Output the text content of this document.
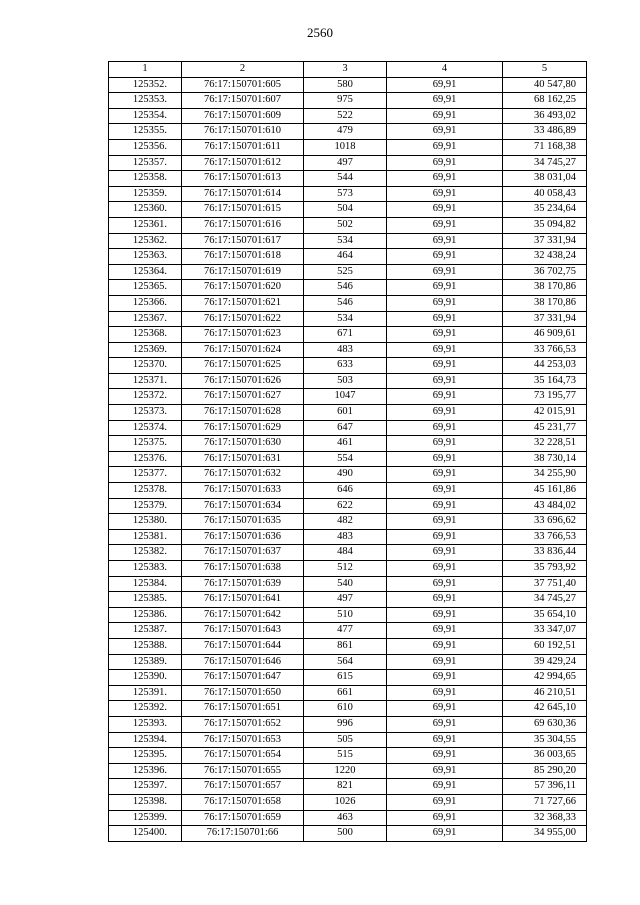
2560
1	2	3	4	5
125352.	76:17:150701:605	580	69,91	40 547,80
125353.	76:17:150701:607	975	69,91	68 162,25
125354.	76:17:150701:609	522	69,91	36 493,02
125355.	76:17:150701:610	479	69,91	33 486,89
125356.	76:17:150701:611	1018	69,91	71 168,38
125357.	76:17:150701:612	497	69,91	34 745,27
125358.	76:17:150701:613	544	69,91	38 031,04
125359.	76:17:150701:614	573	69,91	40 058,43
125360.	76:17:150701:615	504	69,91	35 234,64
125361.	76:17:150701:616	502	69,91	35 094,82
125362.	76:17:150701:617	534	69,91	37 331,94
125363.	76:17:150701:618	464	69,91	32 438,24
125364.	76:17:150701:619	525	69,91	36 702,75
125365.	76:17:150701:620	546	69,91	38 170,86
125366.	76:17:150701:621	546	69,91	38 170,86
125367.	76:17:150701:622	534	69,91	37 331,94
125368.	76:17:150701:623	671	69,91	46 909,61
125369.	76:17:150701:624	483	69,91	33 766,53
125370.	76:17:150701:625	633	69,91	44 253,03
125371.	76:17:150701:626	503	69,91	35 164,73
125372.	76:17:150701:627	1047	69,91	73 195,77
125373.	76:17:150701:628	601	69,91	42 015,91
125374.	76:17:150701:629	647	69,91	45 231,77
125375.	76:17:150701:630	461	69,91	32 228,51
125376.	76:17:150701:631	554	69,91	38 730,14
125377.	76:17:150701:632	490	69,91	34 255,90
125378.	76:17:150701:633	646	69,91	45 161,86
125379.	76:17:150701:634	622	69,91	43 484,02
125380.	76:17:150701:635	482	69,91	33 696,62
125381.	76:17:150701:636	483	69,91	33 766,53
125382.	76:17:150701:637	484	69,91	33 836,44
125383.	76:17:150701:638	512	69,91	35 793,92
125384.	76:17:150701:639	540	69,91	37 751,40
125385.	76:17:150701:641	497	69,91	34 745,27
125386.	76:17:150701:642	510	69,91	35 654,10
125387.	76:17:150701:643	477	69,91	33 347,07
125388.	76:17:150701:644	861	69,91	60 192,51
125389.	76:17:150701:646	564	69,91	39 429,24
125390.	76:17:150701:647	615	69,91	42 994,65
125391.	76:17:150701:650	661	69,91	46 210,51
125392.	76:17:150701:651	610	69,91	42 645,10
125393.	76:17:150701:652	996	69,91	69 630,36
125394.	76:17:150701:653	505	69,91	35 304,55
125395.	76:17:150701:654	515	69,91	36 003,65
125396.	76:17:150701:655	1220	69,91	85 290,20
125397.	76:17:150701:657	821	69,91	57 396,11
125398.	76:17:150701:658	1026	69,91	71 727,66
125399.	76:17:150701:659	463	69,91	32 368,33
125400.	76:17:150701:66	500	69,91	34 955,00
